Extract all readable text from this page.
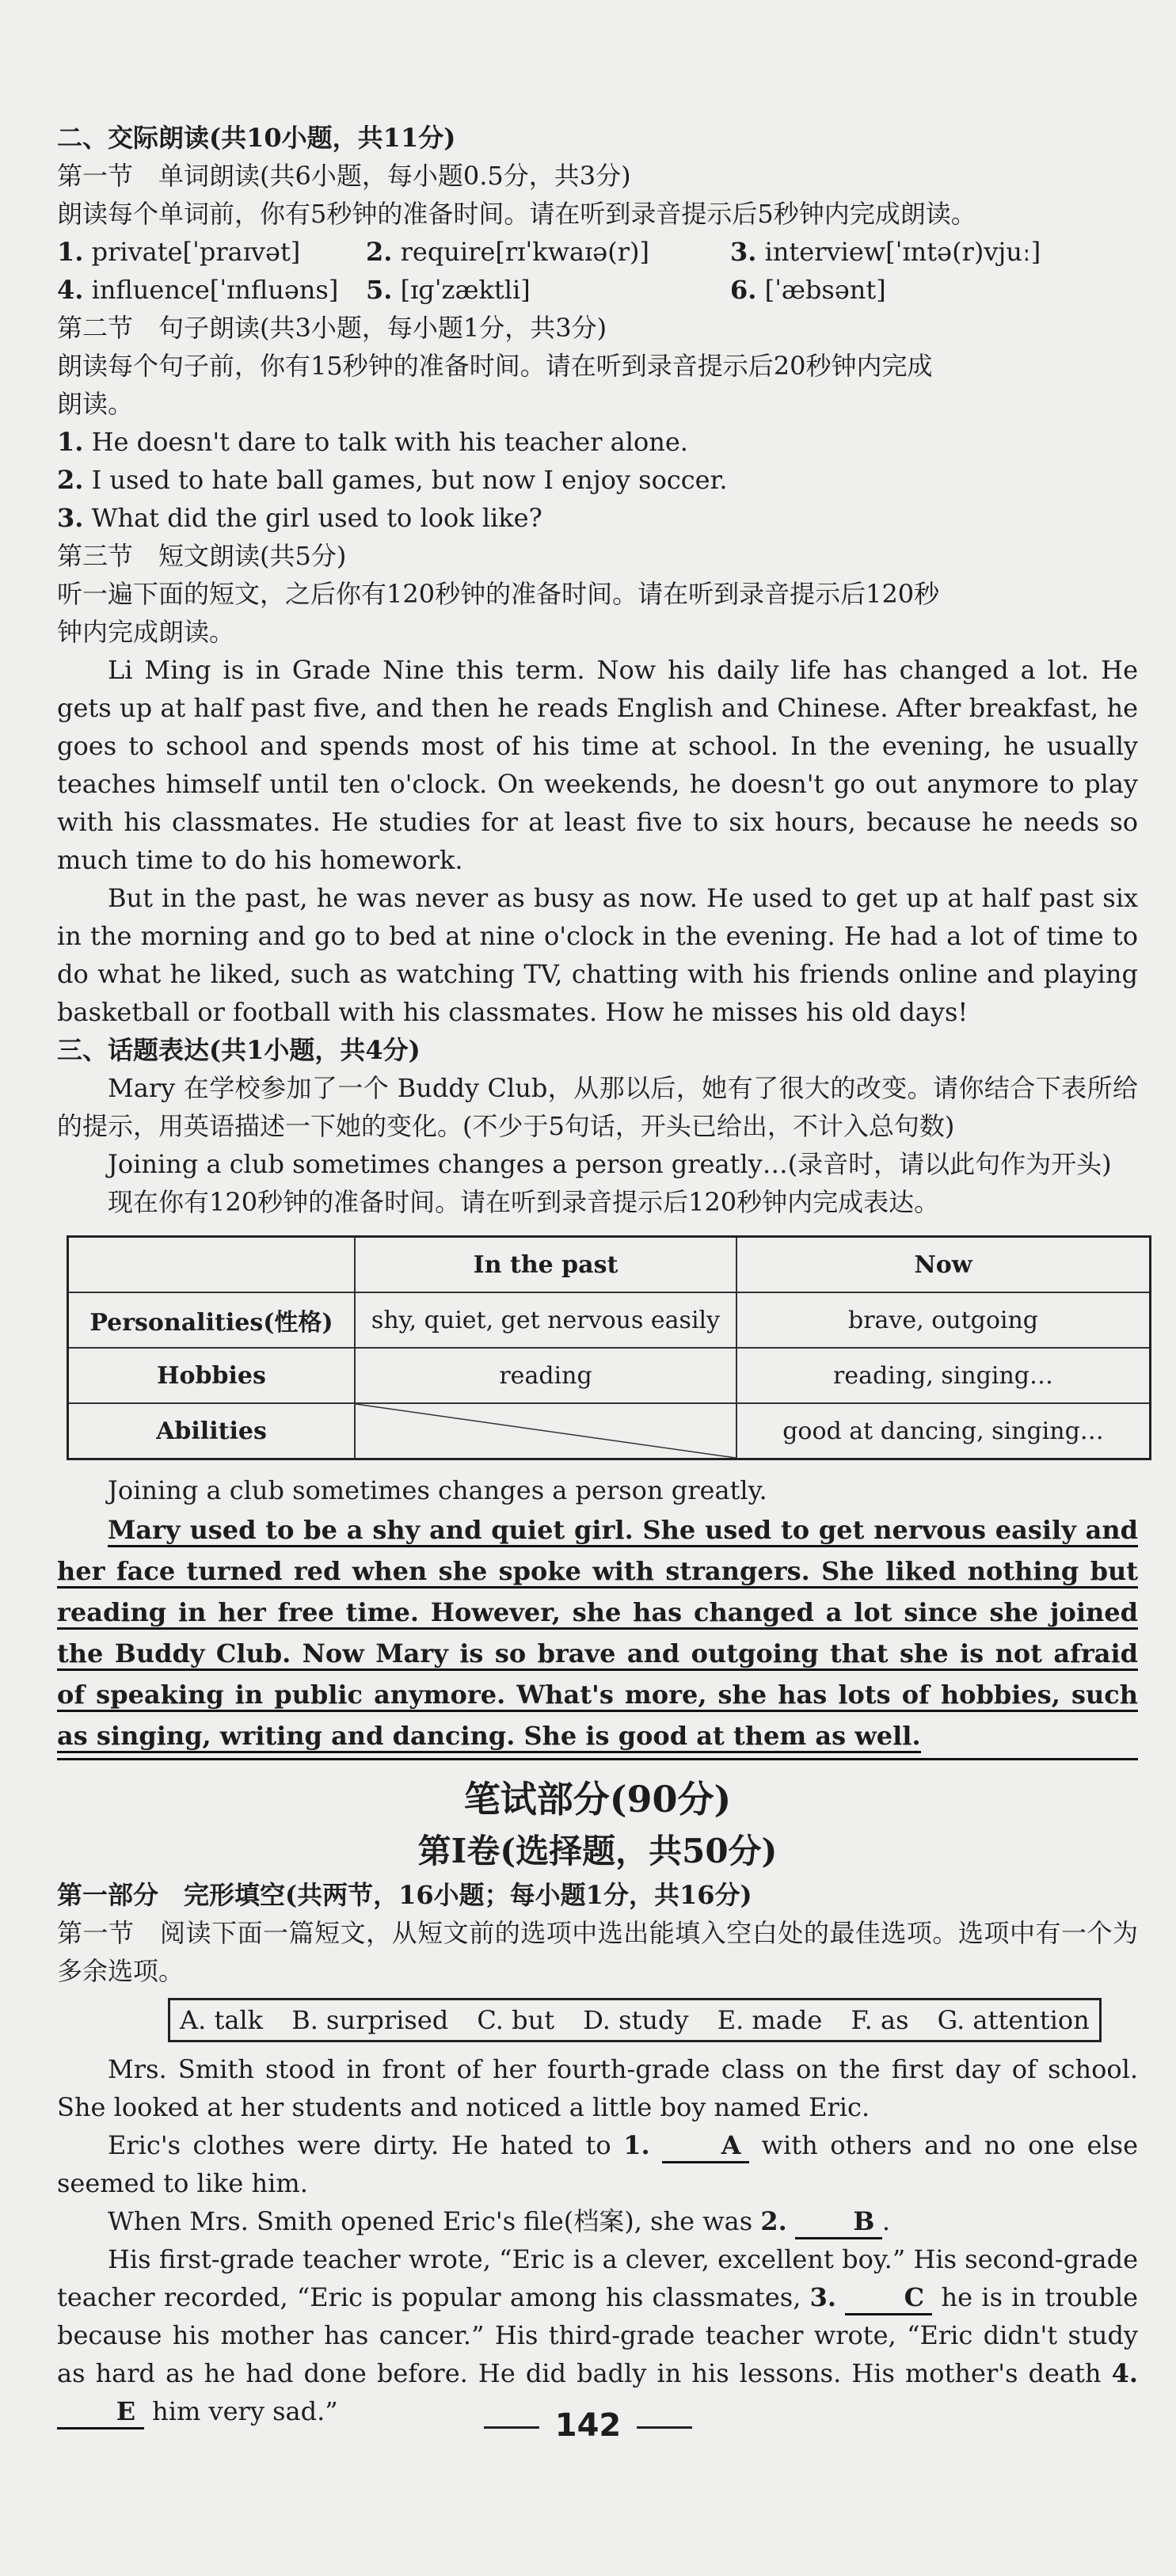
二、交际朗读(共10小题，共11分)

第一节　单词朗读(共6小题，每小题0.5分，共3分)

朗读每个单词前，你有5秒钟的准备时间。请在听到录音提示后5秒钟内完成朗读。

1. private[ˈpraɪvət]	2. require[rɪˈkwaɪə(r)]	3. interview[ˈɪntə(r)vjuː]
4. influence[ˈɪnfluəns]	5. [ɪɡˈzæktli]	6. [ˈæbsənt]

第二节　句子朗读(共3小题，每小题1分，共3分)

朗读每个句子前，你有15秒钟的准备时间。请在听到录音提示后20秒钟内完成

朗读。

1. He doesn't dare to talk with his teacher alone.

2. I used to hate ball games, but now I enjoy soccer.

3. What did the girl used to look like?

第三节　短文朗读(共5分)

听一遍下面的短文，之后你有120秒钟的准备时间。请在听到录音提示后120秒

钟内完成朗读。

Li Ming is in Grade Nine this term. Now his daily life has changed a lot. He gets up at half past five, and then he reads English and Chinese. After breakfast, he goes to school and spends most of his time at school. In the evening, he usually teaches himself until ten o'clock. On weekends, he doesn't go out anymore to play with his classmates. He studies for at least five to six hours, because he needs so much time to do his homework.

But in the past, he was never as busy as now. He used to get up at half past six in the morning and go to bed at nine o'clock in the evening. He had a lot of time to do what he liked, such as watching TV, chatting with his friends online and playing basketball or football with his classmates. How he misses his old days!

三、话题表达(共1小题，共4分)

Mary 在学校参加了一个 Buddy Club，从那以后，她有了很大的改变。请你结合下表所给的提示，用英语描述一下她的变化。(不少于5句话，开头已给出，不计入总句数)

Joining a club sometimes changes a person greatly…(录音时，请以此句作为开头)

现在你有120秒钟的准备时间。请在听到录音提示后120秒钟内完成表达。

	In the past	Now
Personalities(性格)	shy, quiet, get nervous easily	brave, outgoing
Hobbies	reading	reading, singing…
Abilities		good at dancing, singing…

Joining a club sometimes changes a person greatly.

Mary used to be a shy and quiet girl. She used to get nervous easily and her face turned red when she spoke with strangers. She liked nothing but reading in her free time. However, she has changed a lot since she joined the Buddy Club. Now Mary is so brave and outgoing that she is not afraid of speaking in public anymore. What's more, she has lots of hobbies, such as singing, writing and dancing. She is good at them as well.

笔试部分(90分)

第Ⅰ卷(选择题，共50分)

第一部分　完形填空(共两节，16小题；每小题1分，共16分)

第一节　阅读下面一篇短文，从短文前的选项中选出能填入空白处的最佳选项。选项中有一个为多余选项。

A. talk B. surprised C. but D. study E. made F. as G. attention

Mrs. Smith stood in front of her fourth-grade class on the first day of school. She looked at her students and noticed a little boy named Eric.

Eric's clothes were dirty. He hated to 1.	A with others and no one else seemed to like him.

When Mrs. Smith opened Eric's file(档案), she was 2.	B .

His first-grade teacher wrote, “Eric is a clever, excellent boy.” His second-grade teacher recorded, “Eric is popular among his classmates, 3.	C he is in trouble because his mother has cancer.” His third-grade teacher wrote, “Eric didn't study as hard as he had done before. He did badly in his lessons. His mother's death 4. E him very sad.”	142
